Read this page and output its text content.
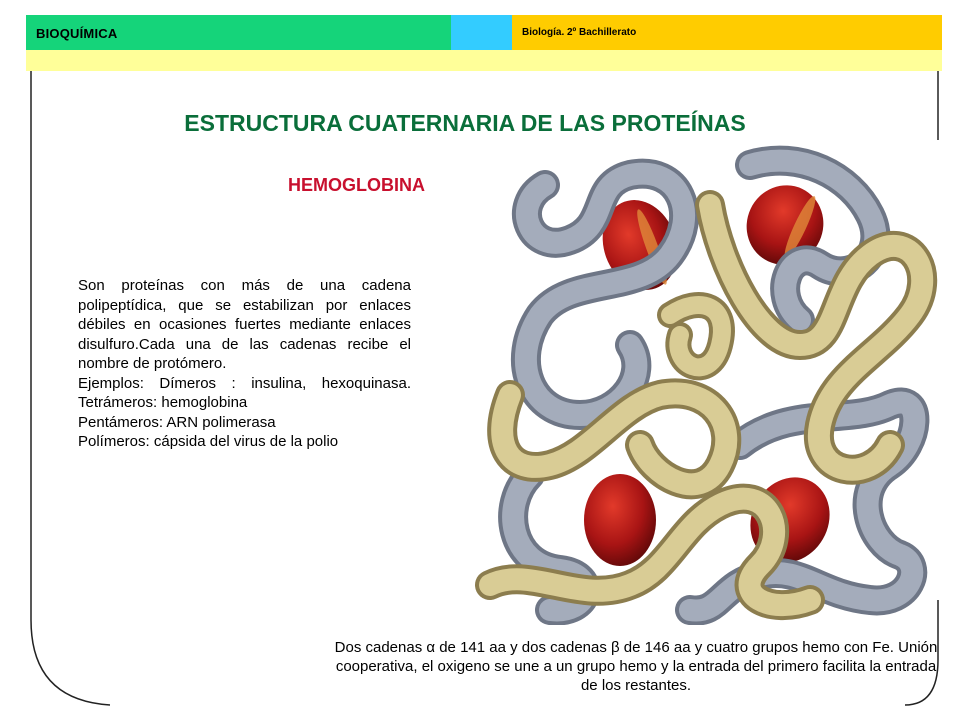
BIOQUÍMICA	Biología. 2º Bachillerato
ESTRUCTURA CUATERNARIA DE LAS PROTEÍNAS
HEMOGLOBINA
Son proteínas con más de una cadena polipeptídica, que se estabilizan por enlaces débiles en ocasiones fuertes mediante enlaces disulfuro.Cada una de las cadenas recibe el nombre de protómero.
Ejemplos: Dímeros : insulina, hexoquinasa.
Tetrámeros: hemoglobina
Pentámeros: ARN polimerasa
Polímeros: cápsida del virus de la polio
Dos cadenas α de 141 aa y dos cadenas β de 146 aa y cuatro grupos hemo con Fe. Unión cooperativa, el oxigeno se une a un grupo hemo y la entrada del primero facilita la entrada de los restantes.
